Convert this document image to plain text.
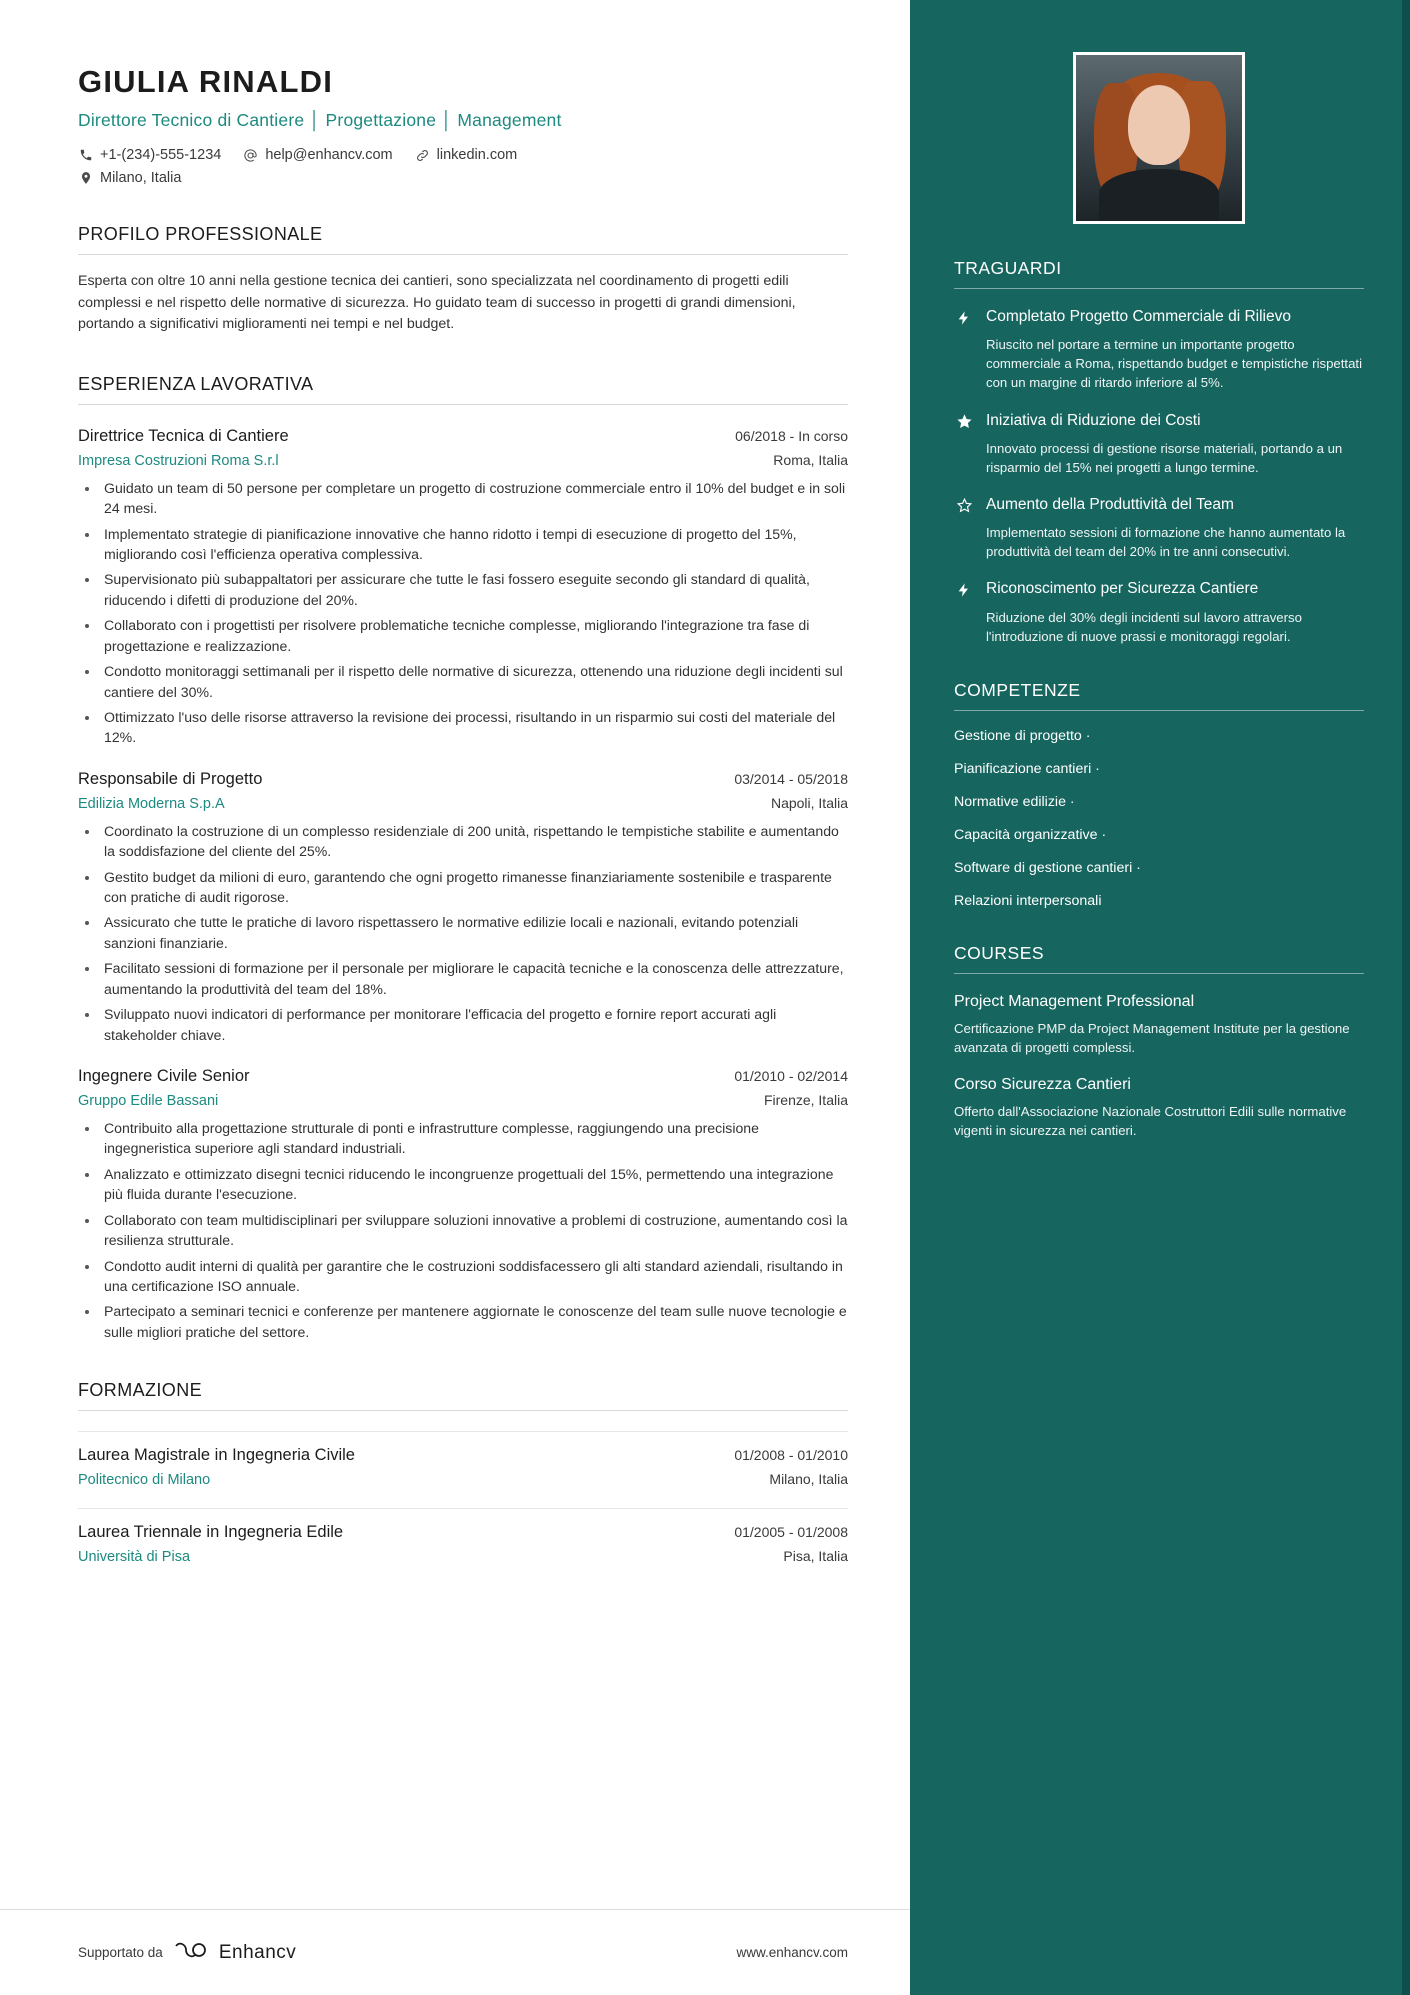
GIULIA RINALDI
Direttore Tecnico di Cantiere │ Progettazione │ Management
+1-(234)-555-1234	help@enhancv.com	linkedin.com
Milano, Italia
PROFILO PROFESSIONALE
Esperta con oltre 10 anni nella gestione tecnica dei cantieri, sono specializzata nel coordinamento di progetti edili complessi e nel rispetto delle normative di sicurezza. Ho guidato team di successo in progetti di grandi dimensioni, portando a significativi miglioramenti nei tempi e nel budget.
ESPERIENZA LAVORATIVA
Direttrice Tecnica di Cantiere	06/2018 - In corso
Impresa Costruzioni Roma S.r.l	Roma, Italia
• Guidato un team di 50 persone per completare un progetto di costruzione commerciale entro il 10% del budget e in soli 24 mesi.
• Implementato strategie di pianificazione innovative che hanno ridotto i tempi di esecuzione di progetto del 15%, migliorando così l'efficienza operativa complessiva.
• Supervisionato più subappaltatori per assicurare che tutte le fasi fossero eseguite secondo gli standard di qualità, riducendo i difetti di produzione del 20%.
• Collaborato con i progettisti per risolvere problematiche tecniche complesse, migliorando l'integrazione tra fase di progettazione e realizzazione.
• Condotto monitoraggi settimanali per il rispetto delle normative di sicurezza, ottenendo una riduzione degli incidenti sul cantiere del 30%.
• Ottimizzato l'uso delle risorse attraverso la revisione dei processi, risultando in un risparmio sui costi del materiale del 12%.
Responsabile di Progetto	03/2014 - 05/2018
Edilizia Moderna S.p.A	Napoli, Italia
• Coordinato la costruzione di un complesso residenziale di 200 unità, rispettando le tempistiche stabilite e aumentando la soddisfazione del cliente del 25%.
• Gestito budget da milioni di euro, garantendo che ogni progetto rimanesse finanziariamente sostenibile e trasparente con pratiche di audit rigorose.
• Assicurato che tutte le pratiche di lavoro rispettassero le normative edilizie locali e nazionali, evitando potenziali sanzioni finanziarie.
• Facilitato sessioni di formazione per il personale per migliorare le capacità tecniche e la conoscenza delle attrezzature, aumentando la produttività del team del 18%.
• Sviluppato nuovi indicatori di performance per monitorare l'efficacia del progetto e fornire report accurati agli stakeholder chiave.
Ingegnere Civile Senior	01/2010 - 02/2014
Gruppo Edile Bassani	Firenze, Italia
• Contribuito alla progettazione strutturale di ponti e infrastrutture complesse, raggiungendo una precisione ingegneristica superiore agli standard industriali.
• Analizzato e ottimizzato disegni tecnici riducendo le incongruenze progettuali del 15%, permettendo una integrazione più fluida durante l'esecuzione.
• Collaborato con team multidisciplinari per sviluppare soluzioni innovative a problemi di costruzione, aumentando così la resilienza strutturale.
• Condotto audit interni di qualità per garantire che le costruzioni soddisfacessero gli alti standard aziendali, risultando in una certificazione ISO annuale.
• Partecipato a seminari tecnici e conferenze per mantenere aggiornate le conoscenze del team sulle nuove tecnologie e sulle migliori pratiche del settore.
FORMAZIONE
Laurea Magistrale in Ingegneria Civile	01/2008 - 01/2010
Politecnico di Milano	Milano, Italia
Laurea Triennale in Ingegneria Edile	01/2005 - 01/2008
Università di Pisa	Pisa, Italia
Supportato da	Enhancv	www.enhancv.com
TRAGUARDI
Completato Progetto Commerciale di Rilievo
Riuscito nel portare a termine un importante progetto commerciale a Roma, rispettando budget e tempistiche rispettati con un margine di ritardo inferiore al 5%.
Iniziativa di Riduzione dei Costi
Innovato processi di gestione risorse materiali, portando a un risparmio del 15% nei progetti a lungo termine.
Aumento della Produttività del Team
Implementato sessioni di formazione che hanno aumentato la produttività del team del 20% in tre anni consecutivi.
Riconoscimento per Sicurezza Cantiere
Riduzione del 30% degli incidenti sul lavoro attraverso l'introduzione di nuove prassi e monitoraggi regolari.
COMPETENZE
Gestione di progetto ·
Pianificazione cantieri ·
Normative edilizie ·
Capacità organizzative ·
Software di gestione cantieri ·
Relazioni interpersonali
COURSES
Project Management Professional
Certificazione PMP da Project Management Institute per la gestione avanzata di progetti complessi.
Corso Sicurezza Cantieri
Offerto dall'Associazione Nazionale Costruttori Edili sulle normative vigenti in sicurezza nei cantieri.
